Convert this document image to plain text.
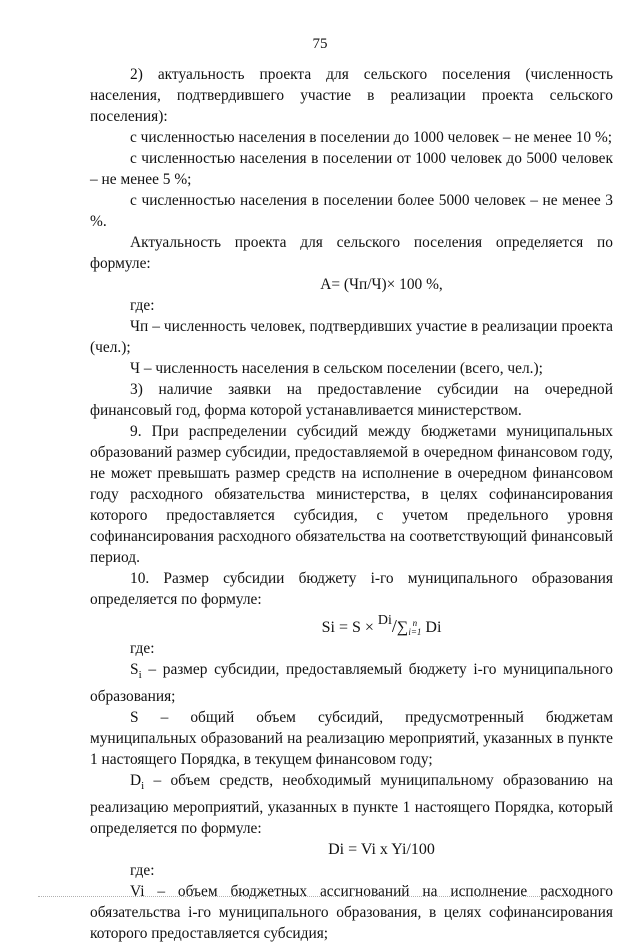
75

2) актуальность проекта для сельского поселения (численность населения, подтвердившего участие в реализации проекта сельского поселения):

с численностью населения в поселении до 1000 человек – не менее 10 %;

с численностью населения в поселении от 1000 человек до 5000 человек – не менее 5 %;

с численностью населения в поселении более 5000 человек – не менее 3 %.

Актуальность проекта для сельского поселения определяется по формуле:

А= (Чп/Ч)× 100 %,

где:

Чп – численность человек, подтвердивших участие в реализации проекта (чел.);

Ч – численность населения в сельском поселении (всего, чел.);

3) наличие заявки на предоставление субсидии на очередной финансовый год, форма которой устанавливается министерством.

9. При распределении субсидий между бюджетами муниципальных образований размер субсидии, предоставляемой в очередном финансовом году, не может превышать размер средств на исполнение в очередном финансовом году расходного обязательства министерства, в целях софинансирования которого предоставляется субсидия, с учетом предельного уровня софинансирования расходного обязательства на соответствующий финансовый период.

10. Размер субсидии бюджету i-го муниципального образования определяется по формуле:

Si = S × Di/∑ n
i=1 Di

где:

$S_i$ – размер субсидии, предоставляемый бюджету i-го муниципального образования;

S – общий объем субсидий, предусмотренный бюджетам муниципальных образований на реализацию мероприятий, указанных в пункте 1 настоящего Порядка, в текущем финансовом году;

$D_i$ – объем средств, необходимый муниципальному образованию на реализацию мероприятий, указанных в пункте 1 настоящего Порядка, который определяется по формуле:

Di = Vi x Yi/100

где:

Vi – объем бюджетных ассигнований на исполнение расходного обязательства i-го муниципального образования, в целях софинансирования которого предоставляется субсидия;
